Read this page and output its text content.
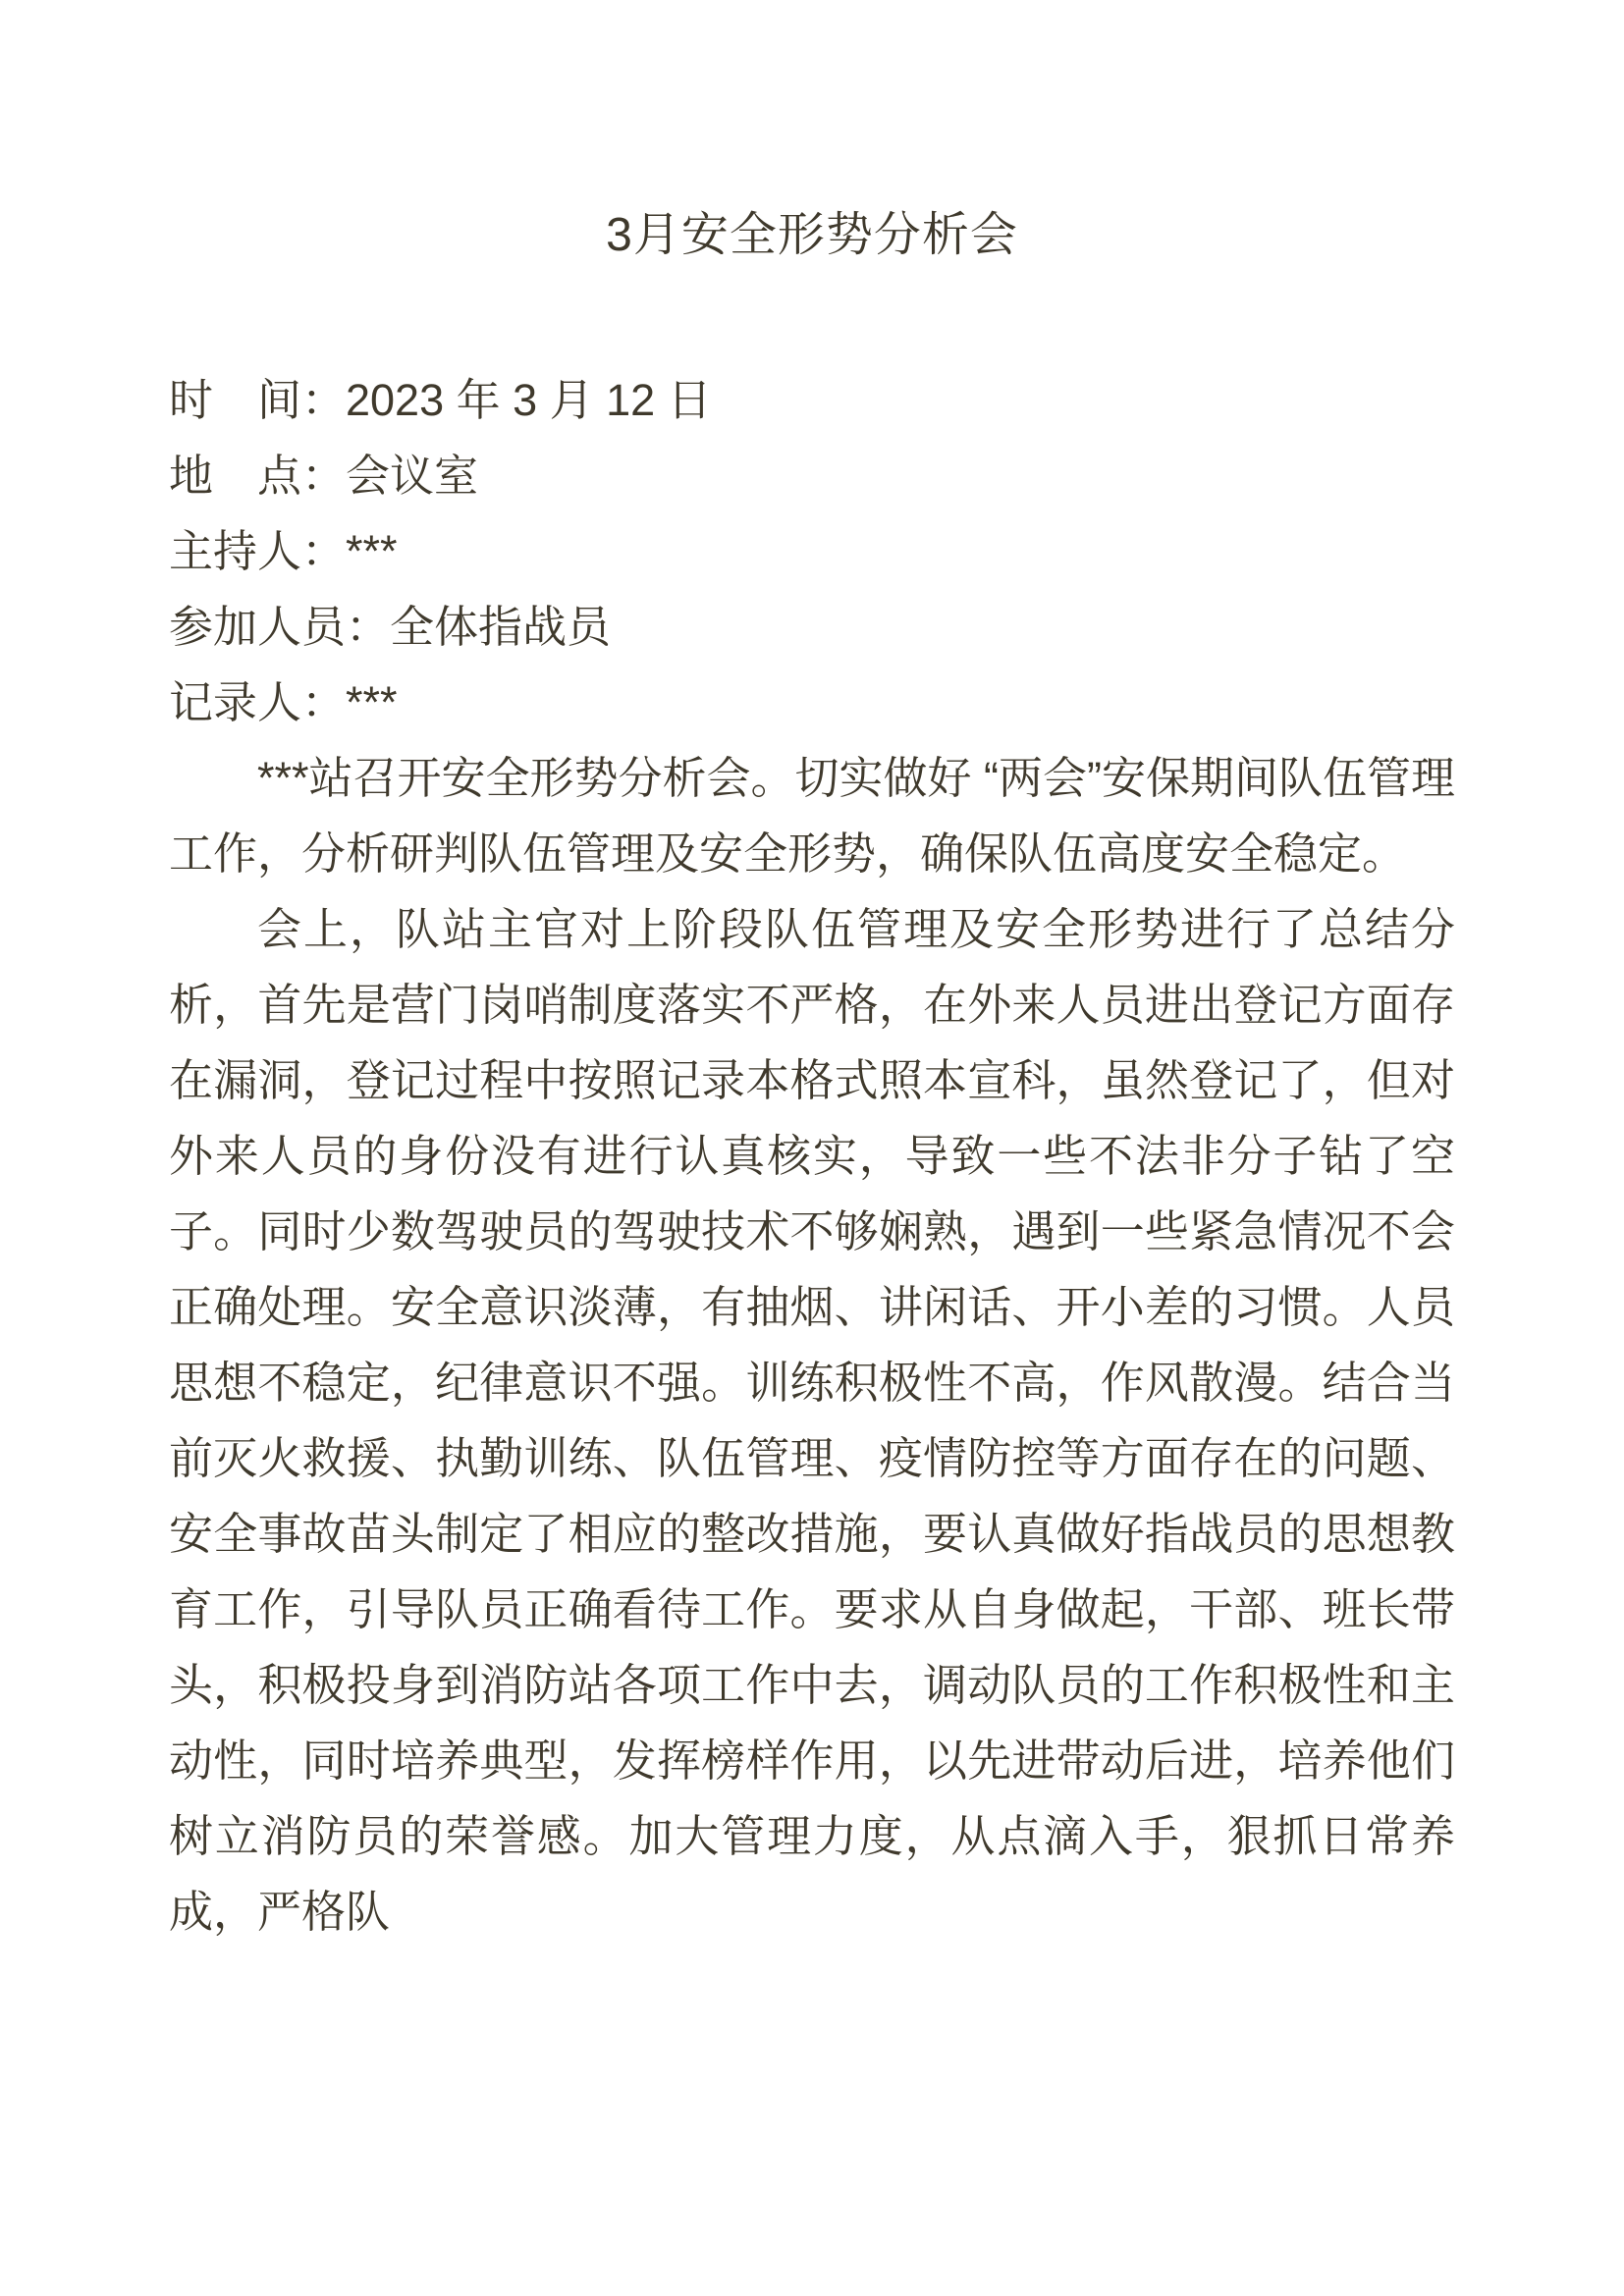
3月安全形势分析会

时　间：2023 年 3 月 12 日

地　点：会议室

主持人：***

参加人员：全体指战员

记录人：***

***站召开安全形势分析会。切实做好 “两会”安保期间队伍管理工作，分析研判队伍管理及安全形势，确保队伍高度安全稳定。

会上，队站主官对上阶段队伍管理及安全形势进行了总结分析，首先是营门岗哨制度落实不严格，在外来人员进出登记方面存在漏洞，登记过程中按照记录本格式照本宣科，虽然登记了，但对外来人员的身份没有进行认真核实，导致一些不法非分子钻了空子。同时少数驾驶员的驾驶技术不够娴熟，遇到一些紧急情况不会正确处理。安全意识淡薄，有抽烟、讲闲话、开小差的习惯。人员思想不稳定，纪律意识不强。训练积极性不高，作风散漫。结合当前灭火救援、执勤训练、队伍管理、疫情防控等方面存在的问题、安全事故苗头制定了相应的整改措施，要认真做好指战员的思想教育工作，引导队员正确看待工作。要求从自身做起，干部、班长带头，积极投身到消防站各项工作中去，调动队员的工作积极性和主动性，同时培养典型，发挥榜样作用，以先进带动后进，培养他们树立消防员的荣誉感。加大管理力度，从点滴入手，狠抓日常养成，严格队
